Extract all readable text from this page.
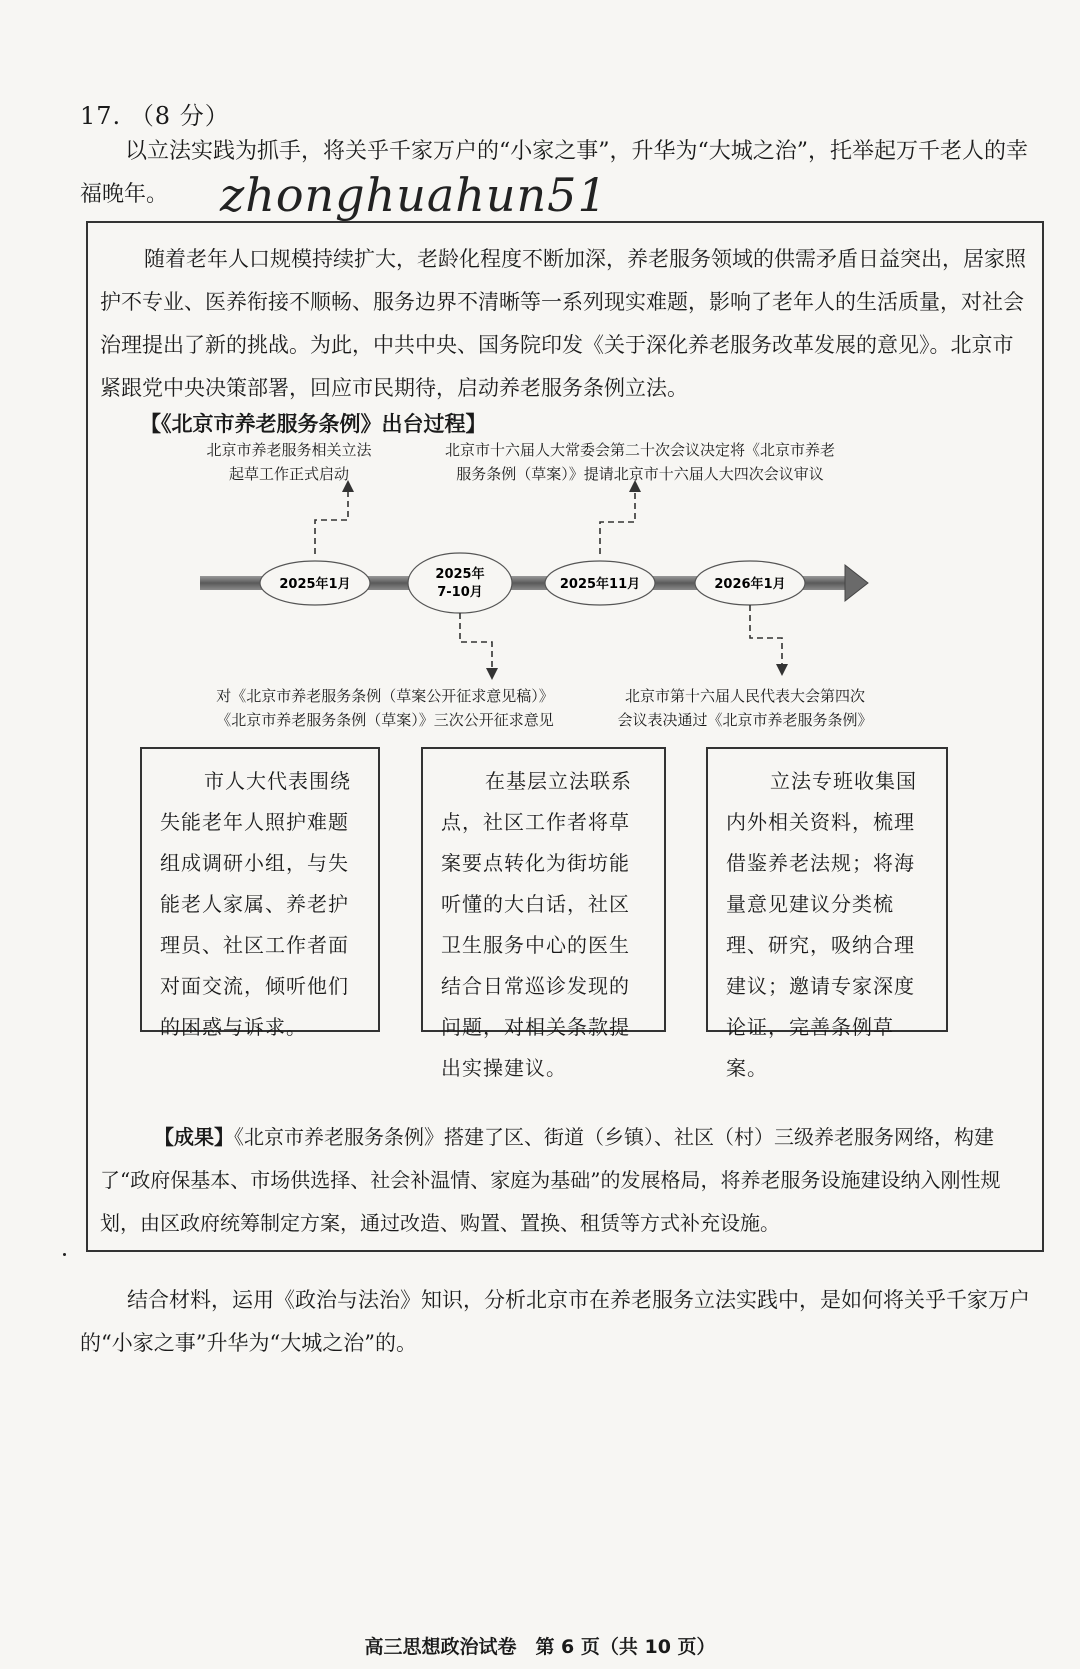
17. （8 分）
以立法实践为抓手，将关乎千家万户的“小家之事”，升华为“大城之治”，托举起万千老人的幸福晚年。	zhonghuahun51
随着老年人口规模持续扩大，老龄化程度不断加深，养老服务领域的供需矛盾日益突出，居家照护不专业、医养衔接不顺畅、服务边界不清晰等一系列现实难题，影响了老年人的生活质量，对社会治理提出了新的挑战。为此，中共中央、国务院印发《关于深化养老服务改革发展的意见》。北京市紧跟党中央决策部署，回应市民期待，启动养老服务条例立法。
【《北京市养老服务条例》出台过程】
2025年1月
2025年
7-10月
2025年11月	2026年1月
北京市养老服务相关立法
起草工作正式启动
北京市十六届人大常委会第二十次会议决定将《北京市养老
服务条例（草案）》提请北京市十六届人大四次会议审议
对《北京市养老服务条例（草案公开征求意见稿）》
《北京市养老服务条例（草案）》三次公开征求意见
北京市第十六届人民代表大会第四次
会议表决通过《北京市养老服务条例》
市人大代表围绕失能老年人照护难题组成调研小组，与失能老人家属、养老护理员、社区工作者面对面交流，倾听他们的困惑与诉求。
在基层立法联系点，社区工作者将草案要点转化为街坊能听懂的大白话，社区卫生服务中心的医生结合日常巡诊发现的问题，对相关条款提出实操建议。
立法专班收集国内外相关资料，梳理借鉴养老法规；将海量意见建议分类梳理、研究，吸纳合理建议；邀请专家深度论证，完善条例草案。
【成果】《北京市养老服务条例》搭建了区、街道（乡镇）、社区（村）三级养老服务网络，构建了“政府保基本、市场供选择、社会补温情、家庭为基础”的发展格局，将养老服务设施建设纳入刚性规划，由区政府统筹制定方案，通过改造、购置、置换、租赁等方式补充设施。
结合材料，运用《政治与法治》知识，分析北京市在养老服务立法实践中，是如何将关乎千家万户的“小家之事”升华为“大城之治”的。
高三思想政治试卷　第 6 页（共 10 页）
